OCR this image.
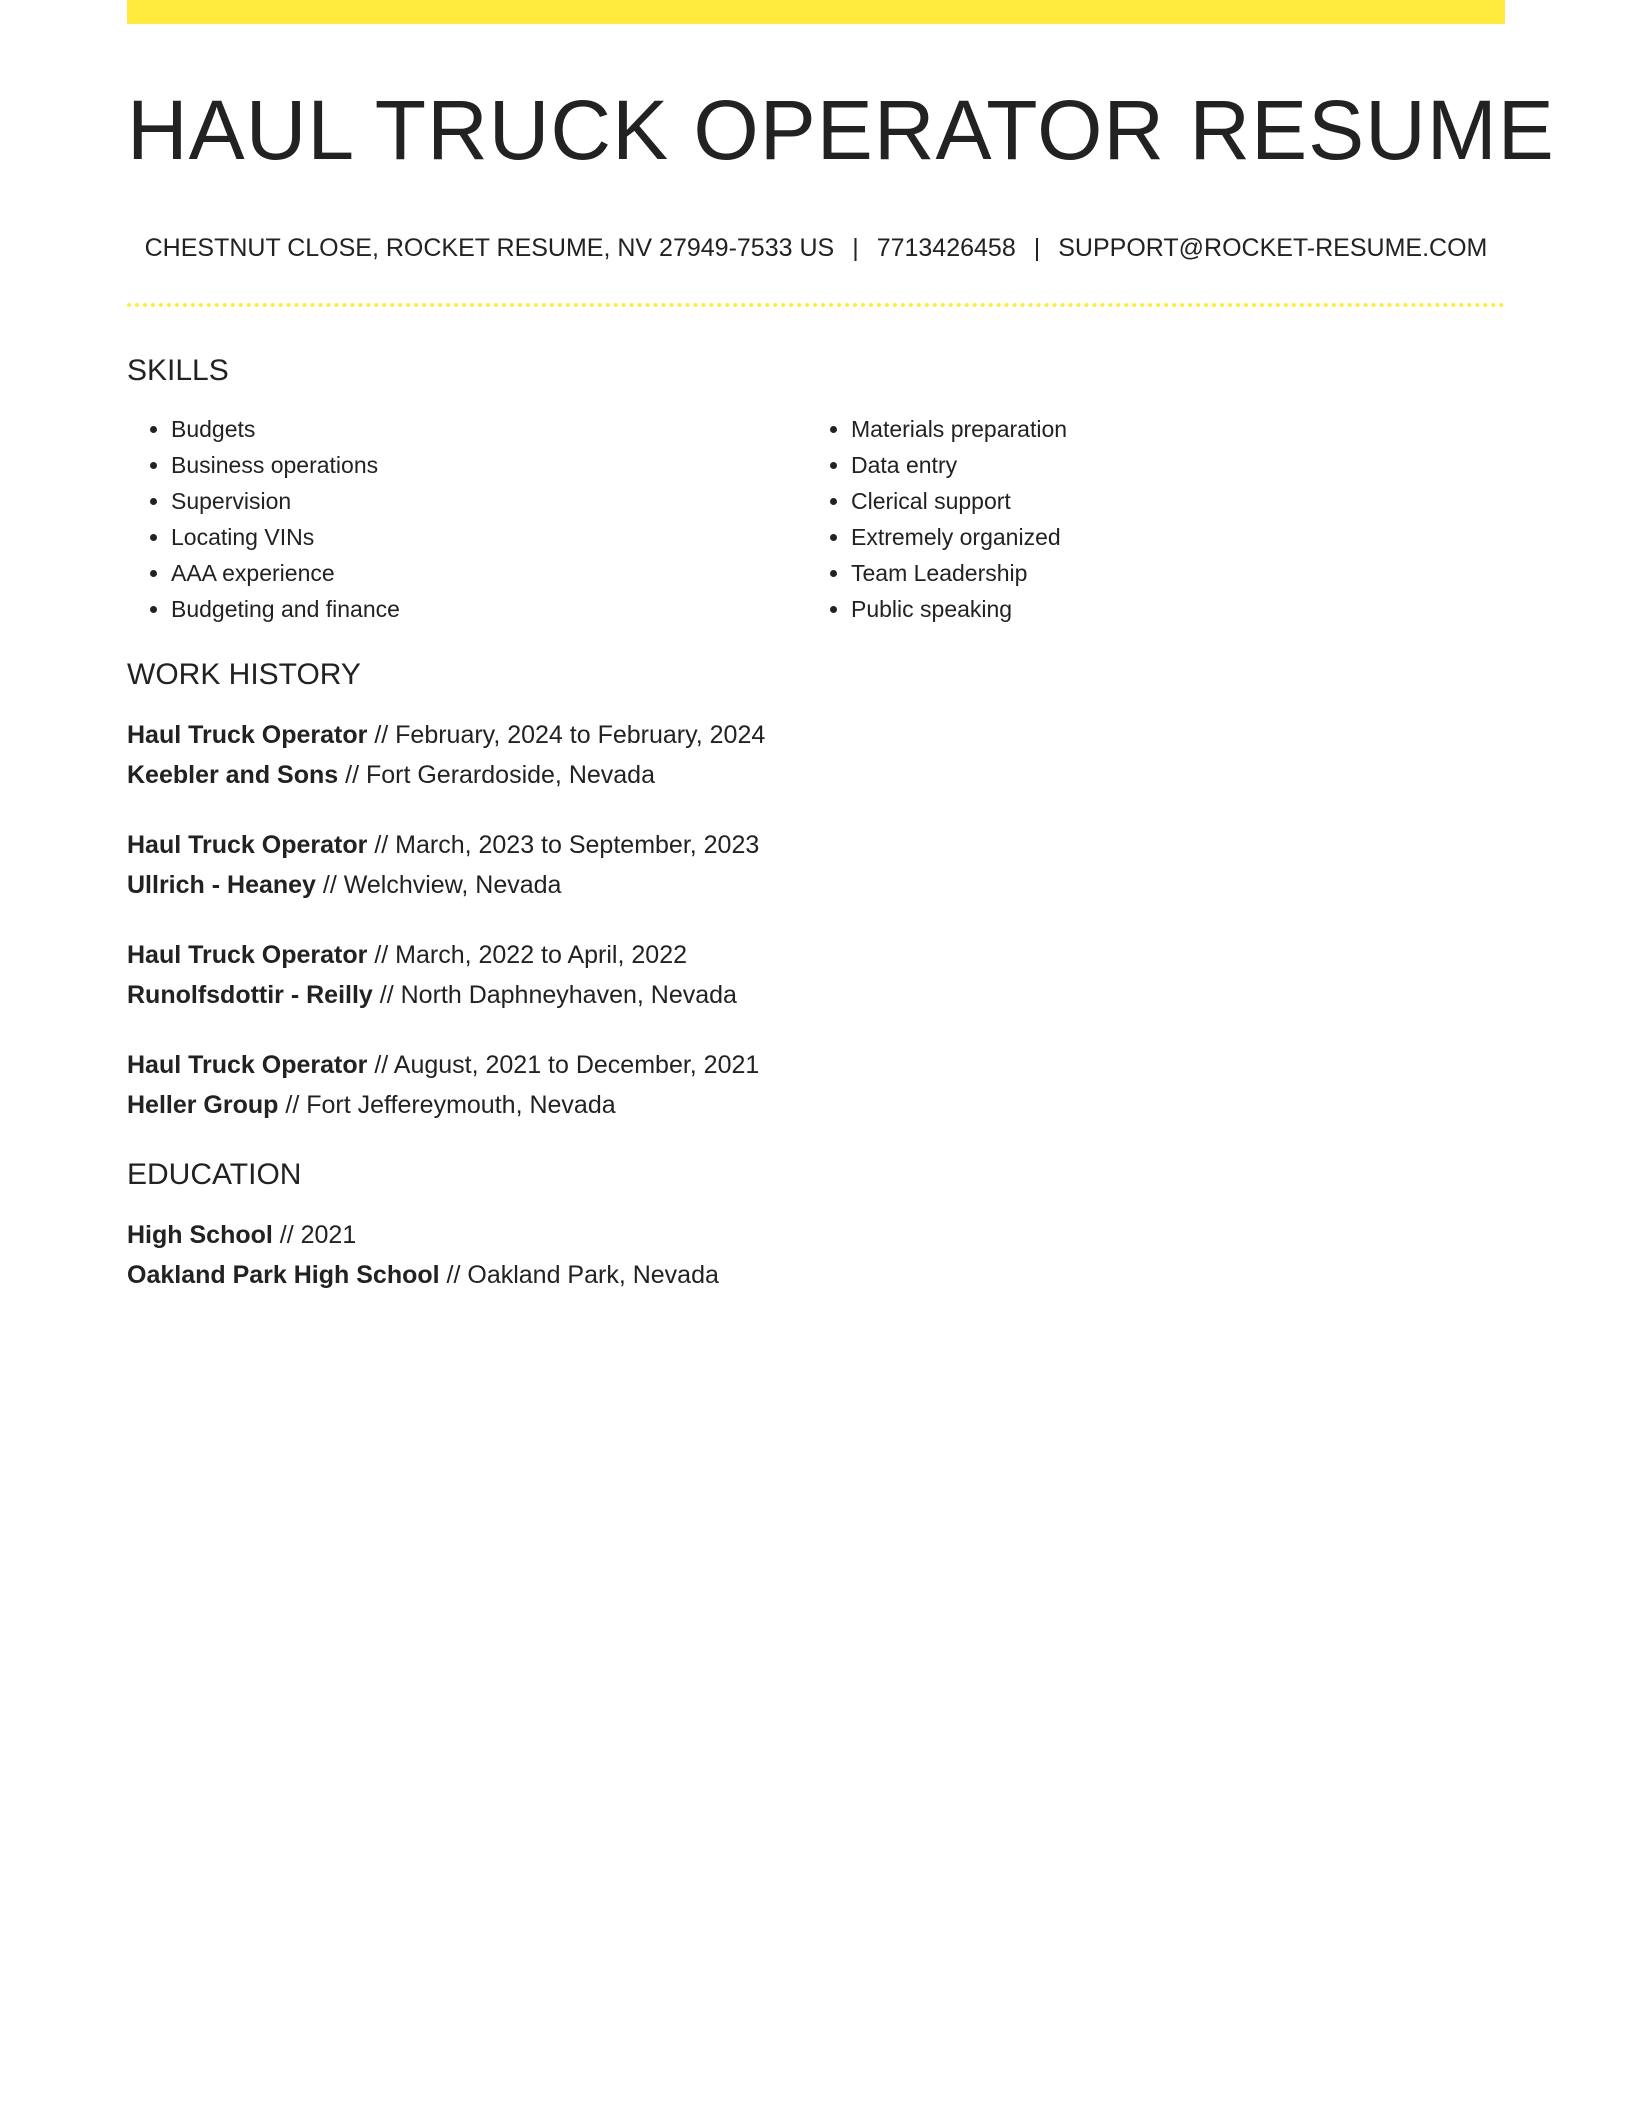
HAUL TRUCK OPERATOR RESUME
CHESTNUT CLOSE, ROCKET RESUME, NV 27949-7533 US | 7713426458 | SUPPORT@ROCKET-RESUME.COM
SKILLS
• Budgets
• Business operations
• Supervision
• Locating VINs
• AAA experience
• Budgeting and finance
• Materials preparation
• Data entry
• Clerical support
• Extremely organized
• Team Leadership
• Public speaking
WORK HISTORY
Haul Truck Operator // February, 2024 to February, 2024
Keebler and Sons // Fort Gerardoside, Nevada
Haul Truck Operator // March, 2023 to September, 2023
Ullrich - Heaney // Welchview, Nevada
Haul Truck Operator // March, 2022 to April, 2022
Runolfsdottir - Reilly // North Daphneyhaven, Nevada
Haul Truck Operator // August, 2021 to December, 2021
Heller Group // Fort Jeffereymouth, Nevada
EDUCATION
High School // 2021
Oakland Park High School // Oakland Park, Nevada
